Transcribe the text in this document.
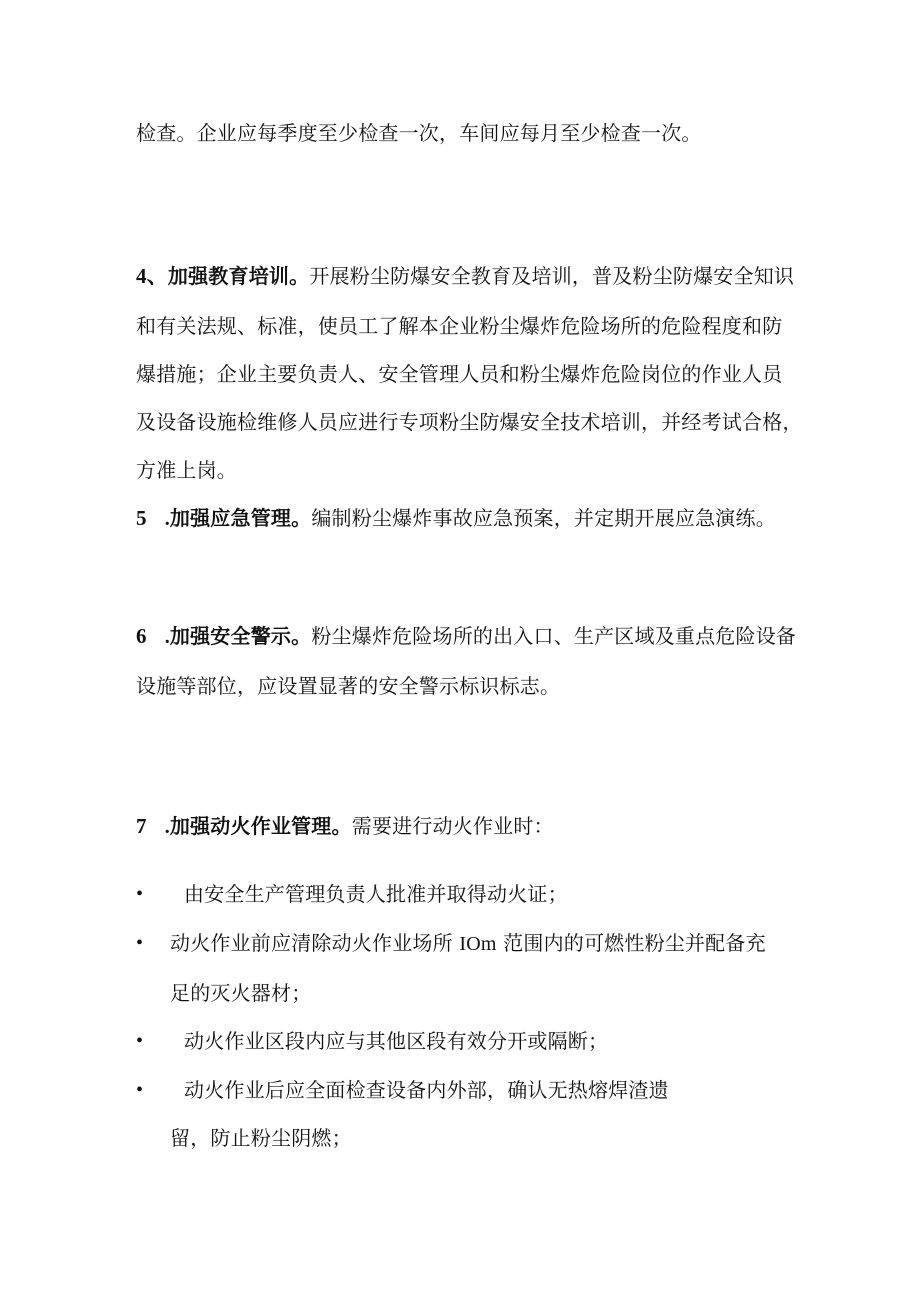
检查。企业应每季度至少检查一次，车间应每月至少检查一次。
4、加强教育培训。开展粉尘防爆安全教育及培训，普及粉尘防爆安全知识
和有关法规、标准，使员工了解本企业粉尘爆炸危险场所的危险程度和防
爆措施；企业主要负责人、安全管理人员和粉尘爆炸危险岗位的作业人员
及设备设施检维修人员应进行专项粉尘防爆安全技术培训，并经考试合格，
方准上岗。
5 .加强应急管理。编制粉尘爆炸事故应急预案，并定期开展应急演练。
6 .加强安全警示。粉尘爆炸危险场所的出入口、生产区域及重点危险设备
设施等部位，应设置显著的安全警示标识标志。
7 .加强动火作业管理。需要进行动火作业时：
• 由安全生产管理负责人批准并取得动火证；
• 动火作业前应清除动火作业场所 IOm 范围内的可燃性粉尘并配备充
足的灭火器材；
• 动火作业区段内应与其他区段有效分开或隔断；
• 动火作业后应全面检查设备内外部，确认无热熔焊渣遗
留，防止粉尘阴燃；
